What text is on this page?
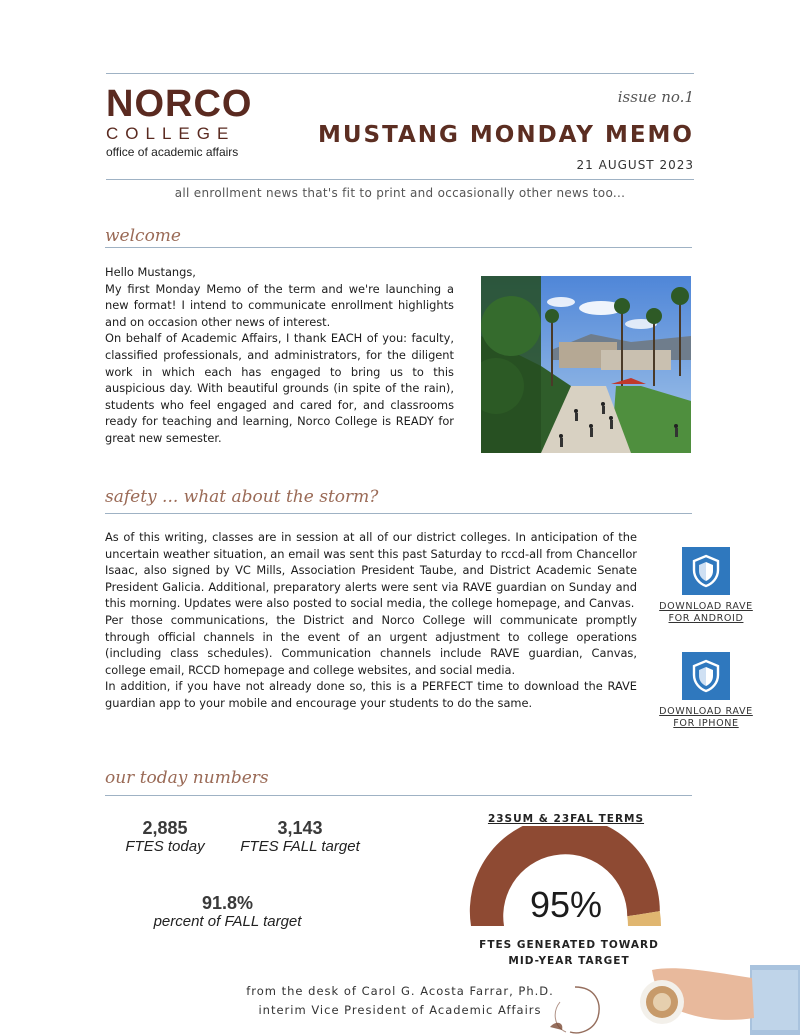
NORCO
COLLEGE
office of academic affairs
issue no.1
MUSTANG MONDAY MEMO
21 AUGUST 2023
all enrollment news that's fit to print and occasionally other news too...
welcome

Hello Mustangs,

My first Monday Memo of the term and we're launching a new format! I intend to communicate enrollment highlights and on occasion other news of interest.

On behalf of Academic Affairs, I thank EACH of you: faculty, classified professionals, and administrators, for the diligent work in which each has engaged to bring us to this auspicious day. With beautiful grounds (in spite of the rain), students who feel engaged and cared for, and classrooms ready for teaching and learning, Norco College is READY for great new semester.

safety ... what about the storm?

As of this writing, classes are in session at all of our district colleges. In anticipation of the uncertain weather situation, an email was sent this past Saturday to rccd-all from Chancellor Isaac, also signed by VC Mills, Association President Taube, and District Academic Senate President Galicia. Additional, preparatory alerts were sent via RAVE guardian on Sunday and this morning. Updates were also posted to social media, the college homepage, and Canvas.

Per those communications, the District and Norco College will communicate promptly through official channels in the event of an urgent adjustment to college operations (including class schedules). Communication channels include RAVE guardian, Canvas, college email, RCCD homepage and college websites, and social media.

In addition, if you have not already done so, this is a PERFECT time to download the RAVE guardian app to your mobile and encourage your students to do the same.

DOWNLOAD RAVE FOR ANDROID
DOWNLOAD RAVE FOR IPHONE
our today numbers
2,885
FTES today
3,143
FTES FALL target
91.8%
percent of FALL target
23SUM & 23FAL TERMS
95%
FTES GENERATED TOWARD
MID-YEAR TARGET
from the desk of Carol G. Acosta Farrar, Ph.D.
interim Vice President of Academic Affairs
